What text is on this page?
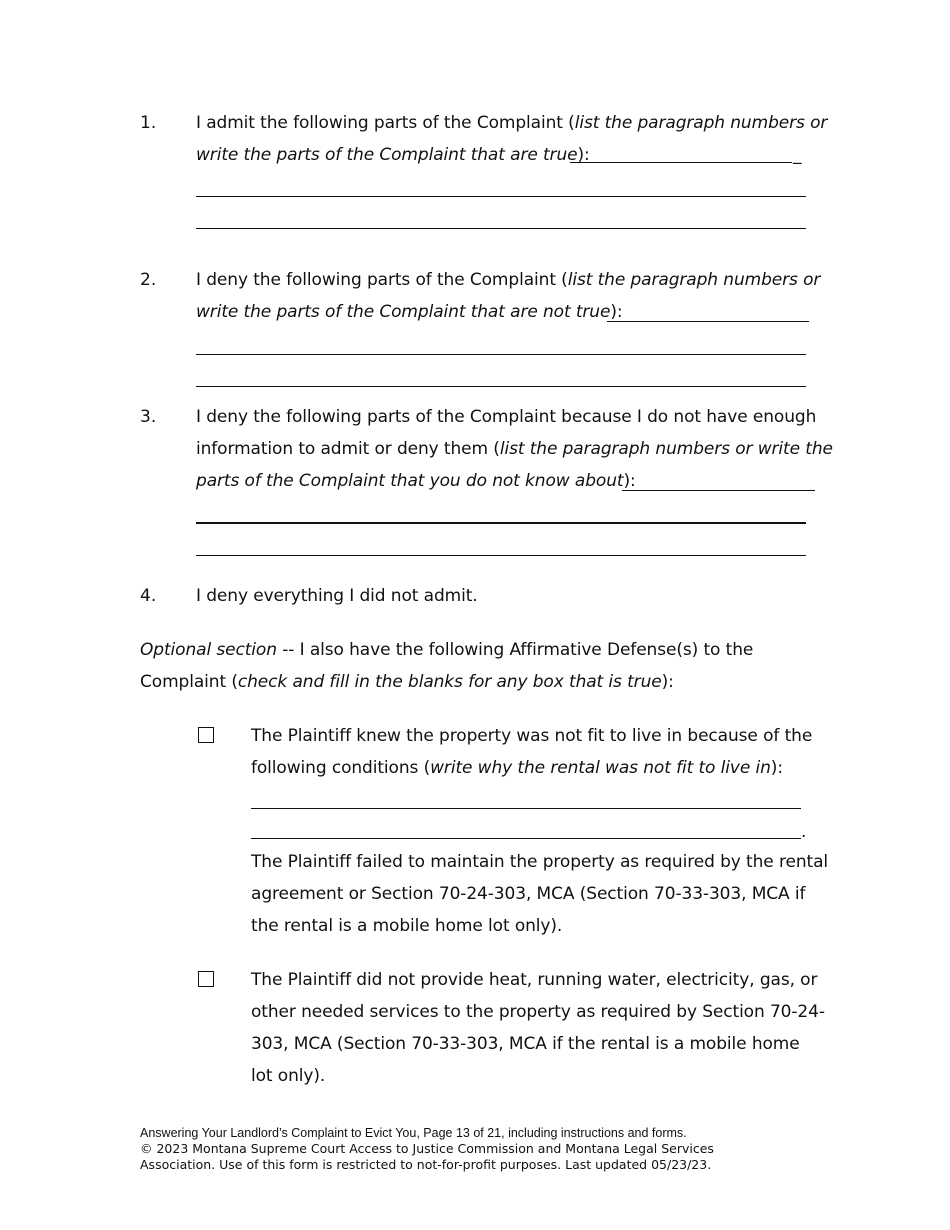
1. I admit the following parts of the Complaint (list the paragraph numbers or
write the parts of the Complaint that are true):	_
2. I deny the following parts of the Complaint (list the paragraph numbers or
write the parts of the Complaint that are not true):
3. I deny the following parts of the Complaint because I do not have enough
information to admit or deny them (list the paragraph numbers or write the
parts of the Complaint that you do not know about):
4. I deny everything I did not admit.
Optional section -- I also have the following Affirmative Defense(s) to the
Complaint (check and fill in the blanks for any box that is true):
The Plaintiff knew the property was not fit to live in because of the
following conditions (write why the rental was not fit to live in):
.
The Plaintiff failed to maintain the property as required by the rental
agreement or Section 70-24-303, MCA (Section 70-33-303, MCA if
the rental is a mobile home lot only).
The Plaintiff did not provide heat, running water, electricity, gas, or
other needed services to the property as required by Section 70-24-
303, MCA (Section 70-33-303, MCA if the rental is a mobile home
lot only).
Answering Your Landlord’s Complaint to Evict You, Page 13 of 21, including instructions and forms.
© 2023 Montana Supreme Court Access to Justice Commission and Montana Legal Services
Association. Use of this form is restricted to not-for-profit purposes. Last updated 05/23/23.
